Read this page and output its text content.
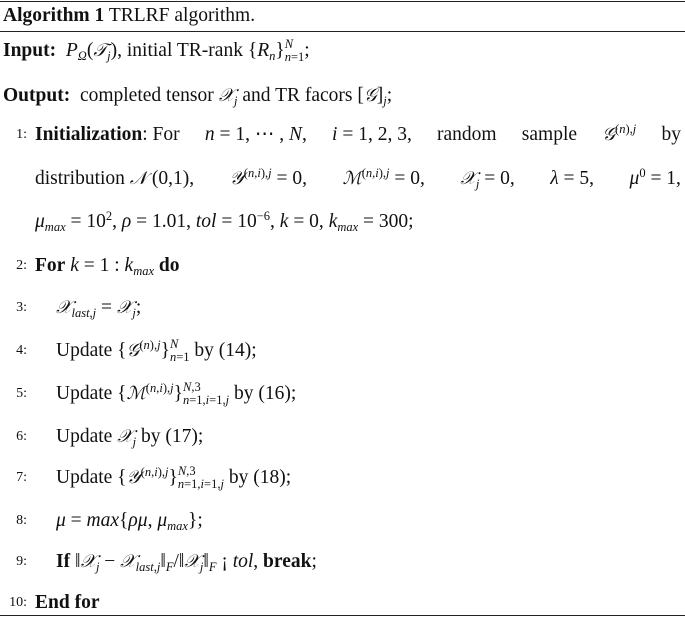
Algorithm 1 TRLRF algorithm.
Input: $P_\Omega(𝒯_j)$, initial TR-rank $\{R_n\}$ N
n=1 ;
Output:  completed tensor 𝒳$_j$ and TR facors $[𝒢]_j$;
1: Initialization: For n = 1, ⋯ , N, i = 1, 2, 3, random sample 𝒢$^{(n),j}$ by
distribution 𝒩 (0,1), 𝒴$^{(n,i),j}$ = 0, ℳ$^{(n,i),j}$ = 0, 𝒳$_j$ = 0, λ = 5, $\mu^0 = 1$,
$\mu_{max} = 10^2$, ρ = 1.01, tol = $10^{-6}$, k = 0, $k_{max} = 300$;
2: For k = 1 : $k_{max}$ do
3: 𝒳$_{last,j}$ = 𝒳$_j$;
4: Update {𝒢$^{(n),j}$} N
n=1 by (14);
5: Update {ℳ$^{(n,i),j}$} N,3
n=1,i=1,j by (16);
6: Update 𝒳$_j$ by (17);
7: Update {𝒴$^{(n,i),j}$} N,3
n=1,i=1,j by (18);
8: μ = max{ρμ, $\mu_{max}$};
9: If ‖𝒳$_j$ − $𝒳_{last,j}‖_F/‖𝒳_j‖_F$ ¡ tol, break;
10: End for
